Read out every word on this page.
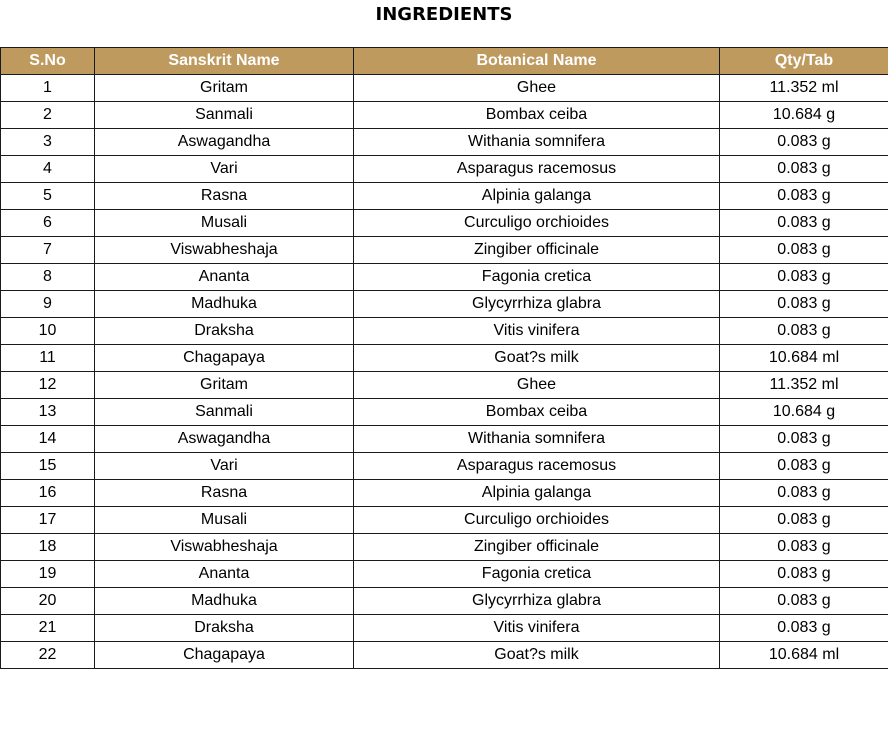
INGREDIENTS
S.No	Sanskrit Name	Botanical Name	Qty/Tab
1	Gritam	Ghee	11.352 ml
2	Sanmali	Bombax ceiba	10.684 g
3	Aswagandha	Withania somnifera	0.083 g
4	Vari	Asparagus racemosus	0.083 g
5	Rasna	Alpinia galanga	0.083 g
6	Musali	Curculigo orchioides	0.083 g
7	Viswabheshaja	Zingiber officinale	0.083 g
8	Ananta	Fagonia cretica	0.083 g
9	Madhuka	Glycyrrhiza glabra	0.083 g
10	Draksha	Vitis vinifera	0.083 g
11	Chagapaya	Goat?s milk	10.684 ml
12	Gritam	Ghee	11.352 ml
13	Sanmali	Bombax ceiba	10.684 g
14	Aswagandha	Withania somnifera	0.083 g
15	Vari	Asparagus racemosus	0.083 g
16	Rasna	Alpinia galanga	0.083 g
17	Musali	Curculigo orchioides	0.083 g
18	Viswabheshaja	Zingiber officinale	0.083 g
19	Ananta	Fagonia cretica	0.083 g
20	Madhuka	Glycyrrhiza glabra	0.083 g
21	Draksha	Vitis vinifera	0.083 g
22	Chagapaya	Goat?s milk	10.684 ml
